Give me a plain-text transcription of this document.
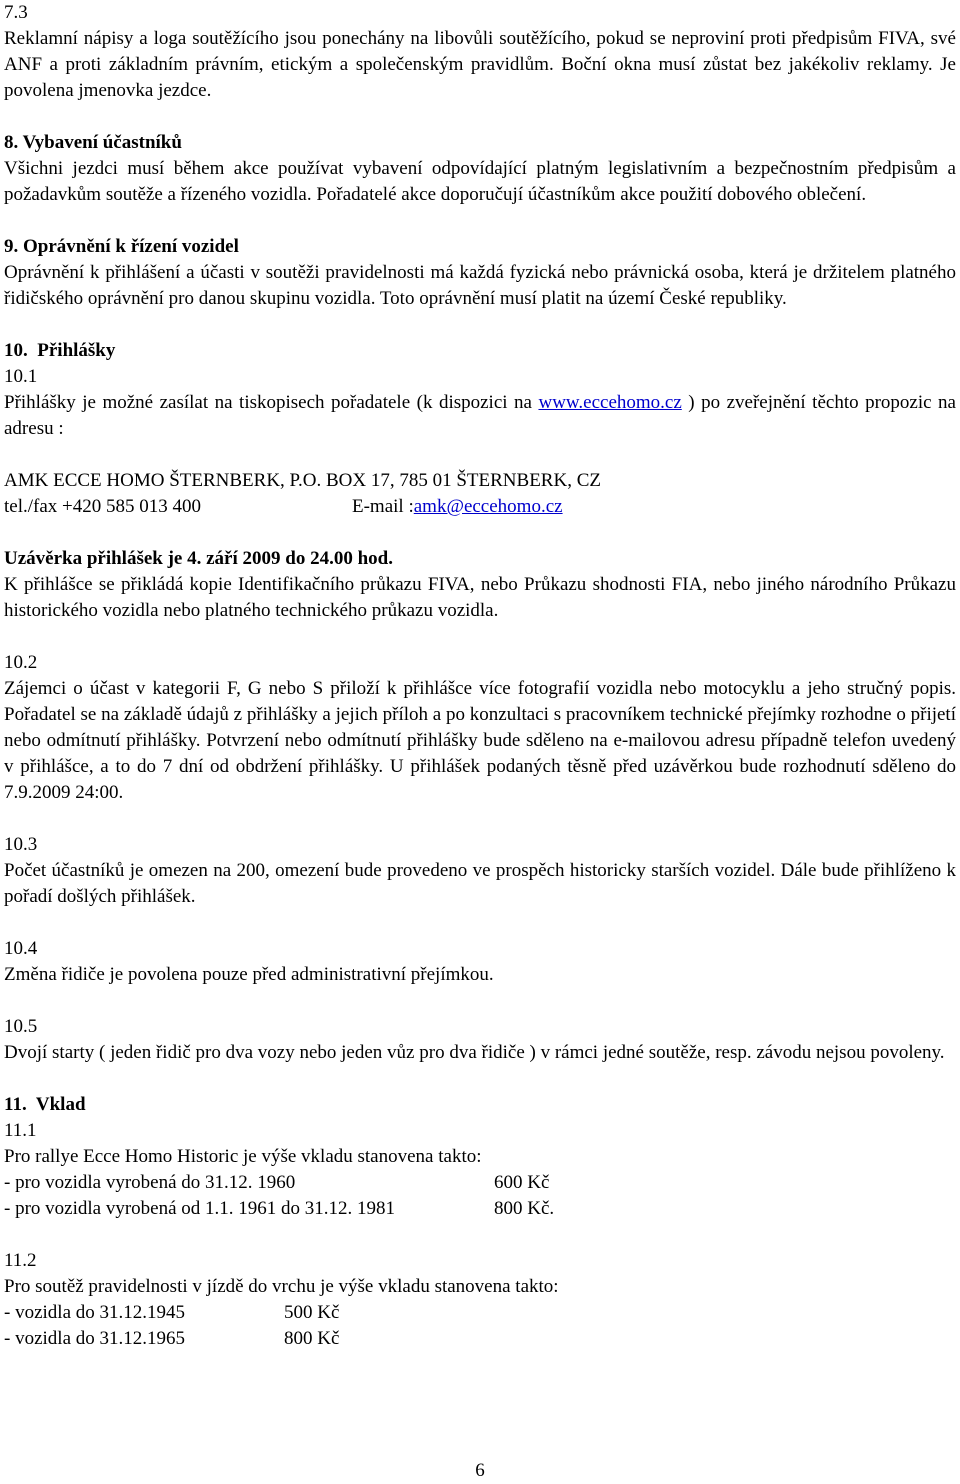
7.3

Reklamní nápisy a loga soutěžícího jsou ponechány na libovůli soutěžícího, pokud se neproviní proti předpisům FIVA, své ANF a proti základním právním, etickým a společenským pravidlům. Boční okna musí zůstat bez jakékoliv reklamy. Je povolena jmenovka jezdce.

8. Vybavení účastníků

Všichni jezdci musí během akce používat vybavení odpovídající platným legislativním a bezpečnostním předpisům a požadavkům soutěže a řízeného vozidla. Pořadatelé akce doporučují účastníkům akce použití dobového oblečení.

9. Oprávnění k řízení vozidel

Oprávnění k přihlášení a účasti v soutěži pravidelnosti má každá fyzická nebo právnická osoba, která je držitelem platného řidičského oprávnění pro danou skupinu vozidla. Toto oprávnění musí platit na území České republiky.

10. Přihlášky

10.1

Přihlášky je možné zasílat na tiskopisech pořadatele (k dispozici na www.eccehomo.cz ) po zveřejnění těchto propozic na adresu :

AMK ECCE HOMO ŠTERNBERK, P.O. BOX 17, 785 01 ŠTERNBERK, CZ

tel./fax +420 585 013 400	E-mail : amk@eccehomo.cz

Uzávěrka přihlášek je 4. září 2009 do 24.00 hod.

K přihlášce se přikládá kopie Identifikačního průkazu FIVA, nebo Průkazu shodnosti FIA, nebo jiného národního Průkazu historického vozidla nebo platného technického průkazu vozidla.

10.2

Zájemci o účast v kategorii F, G nebo S přiloží k přihlášce více fotografií vozidla nebo motocyklu a jeho stručný popis. Pořadatel se na základě údajů z přihlášky a jejich příloh a po konzultaci s pracovníkem technické přejímky rozhodne o přijetí nebo odmítnutí přihlášky. Potvrzení nebo odmítnutí přihlášky bude sděleno na e-mailovou adresu případně telefon uvedený v přihlášce, a to do 7 dní od obdržení přihlášky. U přihlášek podaných těsně před uzávěrkou bude rozhodnutí sděleno do 7.9.2009 24:00.

10.3

Počet účastníků je omezen na 200, omezení bude provedeno ve prospěch historicky starších vozidel. Dále bude přihlíženo k pořadí došlých přihlášek.

10.4

Změna řidiče je povolena pouze před administrativní přejímkou.

10.5

Dvojí starty ( jeden řidič pro dva vozy nebo jeden vůz pro dva řidiče ) v rámci jedné soutěže, resp. závodu nejsou povoleny.

11. Vklad

11.1

Pro rallye Ecce Homo Historic je výše vkladu stanovena takto:

- pro vozidla vyrobená do 31.12. 1960	600 Kč
- pro vozidla vyrobená od 1.1. 1961 do 31.12. 1981	800 Kč.
11.2

Pro soutěž pravidelnosti v jízdě do vrchu je výše vkladu stanovena takto:

- vozidla do 31.12.1945	500 Kč
- vozidla do 31.12.1965	800 Kč
6
